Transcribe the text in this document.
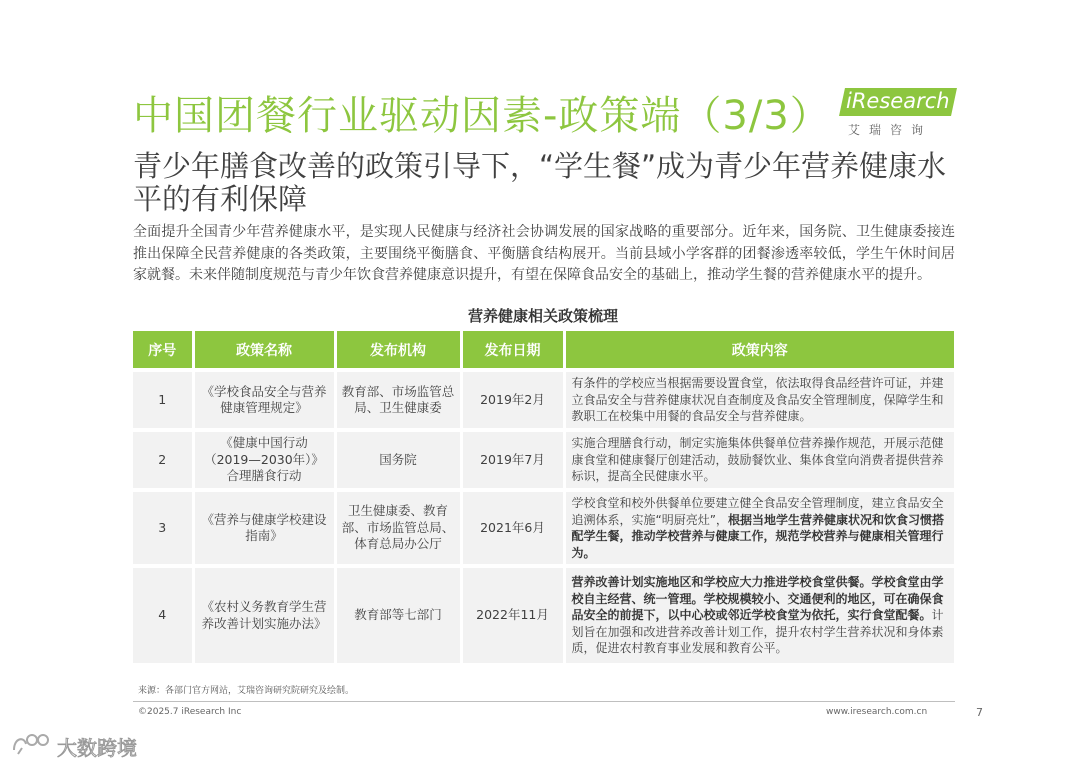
中国团餐行业驱动因素-政策端（3/3） iResearch
艾瑞咨询
青少年膳食改善的政策引导下，“学生餐”成为青少年营养健康水平的有利保障
全面提升全国青少年营养健康水平，是实现人民健康与经济社会协调发展的国家战略的重要部分。近年来，国务院、卫生健康委接连推出保障全民营养健康的各类政策，主要围绕平衡膳食、平衡膳食结构展开。当前县域小学客群的团餐渗透率较低，学生午休时间居家就餐。未来伴随制度规范与青少年饮食营养健康意识提升，有望在保障食品安全的基础上，推动学生餐的营养健康水平的提升。
营养健康相关政策梳理
序号	政策名称	发布机构	发布日期	政策内容
1	《学校食品安全与营养健康管理规定》	教育部、市场监管总局、卫生健康委	2019年2月	有条件的学校应当根据需要设置食堂，依法取得食品经营许可证，并建立食品安全与营养健康状况自查制度及食品安全管理制度，保障学生和教职工在校集中用餐的食品安全与营养健康。
2	《健康中国行动（2019—2030年）》合理膳食行动	国务院	2019年7月	实施合理膳食行动，制定实施集体供餐单位营养操作规范，开展示范健康食堂和健康餐厅创建活动，鼓励餐饮业、集体食堂向消费者提供营养标识，提高全民健康水平。
3	《营养与健康学校建设指南》	卫生健康委、教育部、市场监管总局、体育总局办公厅	2021年6月	学校食堂和校外供餐单位要建立健全食品安全管理制度，建立食品安全追溯体系，实施“明厨亮灶”，根据当地学生营养健康状况和饮食习惯搭配学生餐，推动学校营养与健康工作，规范学校营养与健康相关管理行为。
4	《农村义务教育学生营养改善计划实施办法》	教育部等七部门	2022年11月	营养改善计划实施地区和学校应大力推进学校食堂供餐。学校食堂由学校自主经营、统一管理。学校规模较小、交通便利的地区，可在确保食品安全的前提下，以中心校或邻近学校食堂为依托，实行食堂配餐。计划旨在加强和改进营养改善计划工作，提升农村学生营养状况和身体素质，促进农村教育事业发展和教育公平。
来源：各部门官方网站，艾瑞咨询研究院研究及绘制。
©2025.7 iResearch Inc	www.iresearch.com.cn	7
大数跨境
